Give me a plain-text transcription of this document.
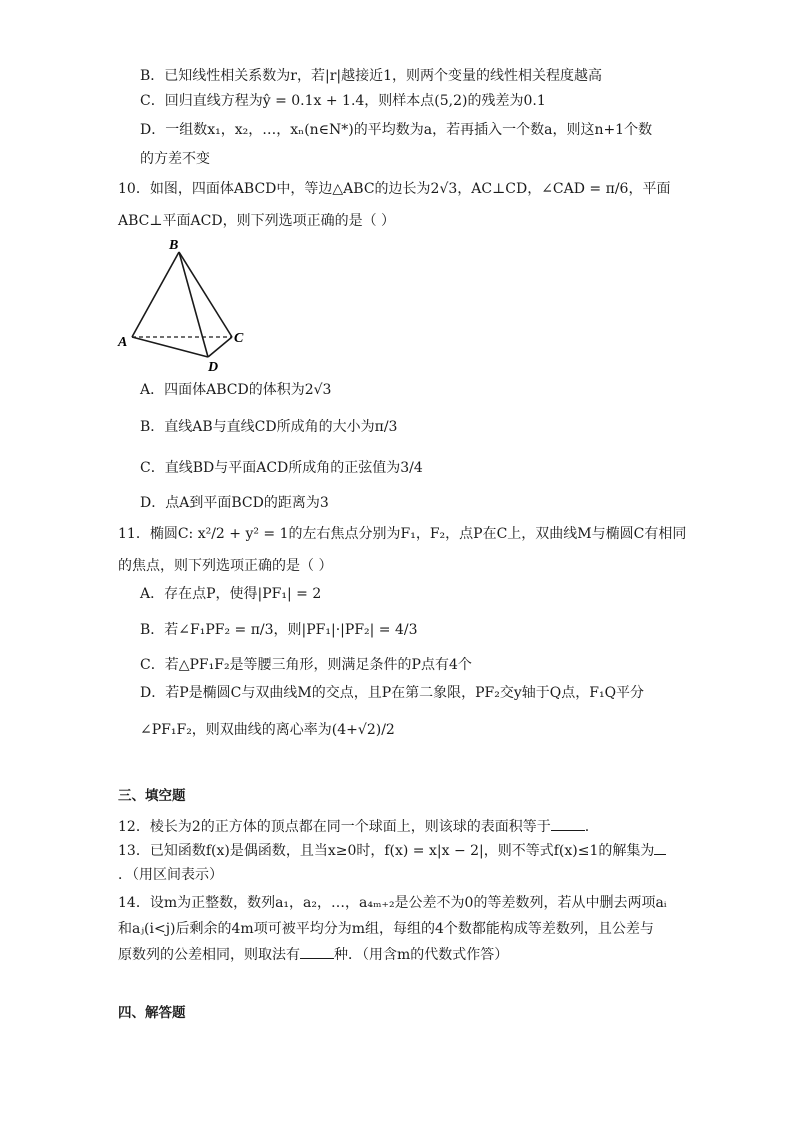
B．已知线性相关系数为r，若|r|越接近1，则两个变量的线性相关程度越高
C．回归直线方程为ŷ = 0.1x + 1.4，则样本点(5,2)的残差为0.1
D．一组数x₁，x₂，…，xₙ(n∈N*)的平均数为a，若再插入一个数a，则这n+1个数
的方差不变
10．如图，四面体ABCD中，等边△ABC的边长为2√3，AC⊥CD，∠CAD = π/6，平面
ABC⊥平面ACD，则下列选项正确的是（ ）
B
A	C
D
A．四面体ABCD的体积为2√3
B．直线AB与直线CD所成角的大小为π/3
C．直线BD与平面ACD所成角的正弦值为3/4
D．点A到平面BCD的距离为3
11．椭圆C: x²/2 + y² = 1的左右焦点分别为F₁，F₂，点P在C上，双曲线M与椭圆C有相同
的焦点，则下列选项正确的是（ ）
A．存在点P，使得|PF₁| = 2
B．若∠F₁PF₂ = π/3，则|PF₁|·|PF₂| = 4/3
C．若△PF₁F₂是等腰三角形，则满足条件的P点有4个
D．若P是椭圆C与双曲线M的交点，且P在第二象限，PF₂交y轴于Q点，F₁Q平分
∠PF₁F₂，则双曲线的离心率为(4+√2)/2
三、填空题
12．棱长为2的正方体的顶点都在同一个球面上，则该球的表面积等于 .
13．已知函数f(x)是偶函数，且当x≥0时，f(x) = x|x − 2|，则不等式f(x)≤1的解集为
．（用区间表示）
14．设m为正整数，数列a₁，a₂，…，a₄ₘ₊₂是公差不为0的等差数列，若从中删去两项aᵢ
和aⱼ(i<j)后剩余的4m项可被平均分为m组，每组的4个数都能构成等差数列，且公差与
原数列的公差相同，则取法有 种．（用含m的代数式作答）
四、解答题
